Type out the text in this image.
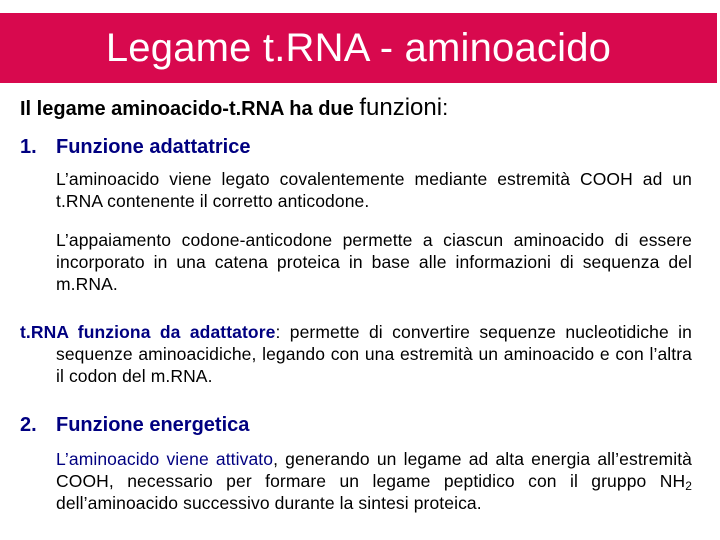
Legame t.RNA - aminoacido
Il legame aminoacido-t.RNA ha due funzioni:
1. Funzione adattatrice
L’aminoacido viene legato covalentemente mediante estremità COOH ad un t.RNA contenente il corretto anticodone.
L’appaiamento codone-anticodone permette a ciascun aminoacido di essere incorporato in una catena proteica in base alle informazioni di sequenza del m.RNA.
t.RNA funziona da adattatore: permette di convertire sequenze nucleotidiche in sequenze aminoacidiche, legando con una estremità un aminoacido e con l’altra il codon del m.RNA.
2. Funzione energetica
L’aminoacido viene attivato, generando un legame ad alta energia all’estremità COOH, necessario per formare un legame peptidico con il gruppo $NH_2$ dell’aminoacido successivo durante la sintesi proteica.
